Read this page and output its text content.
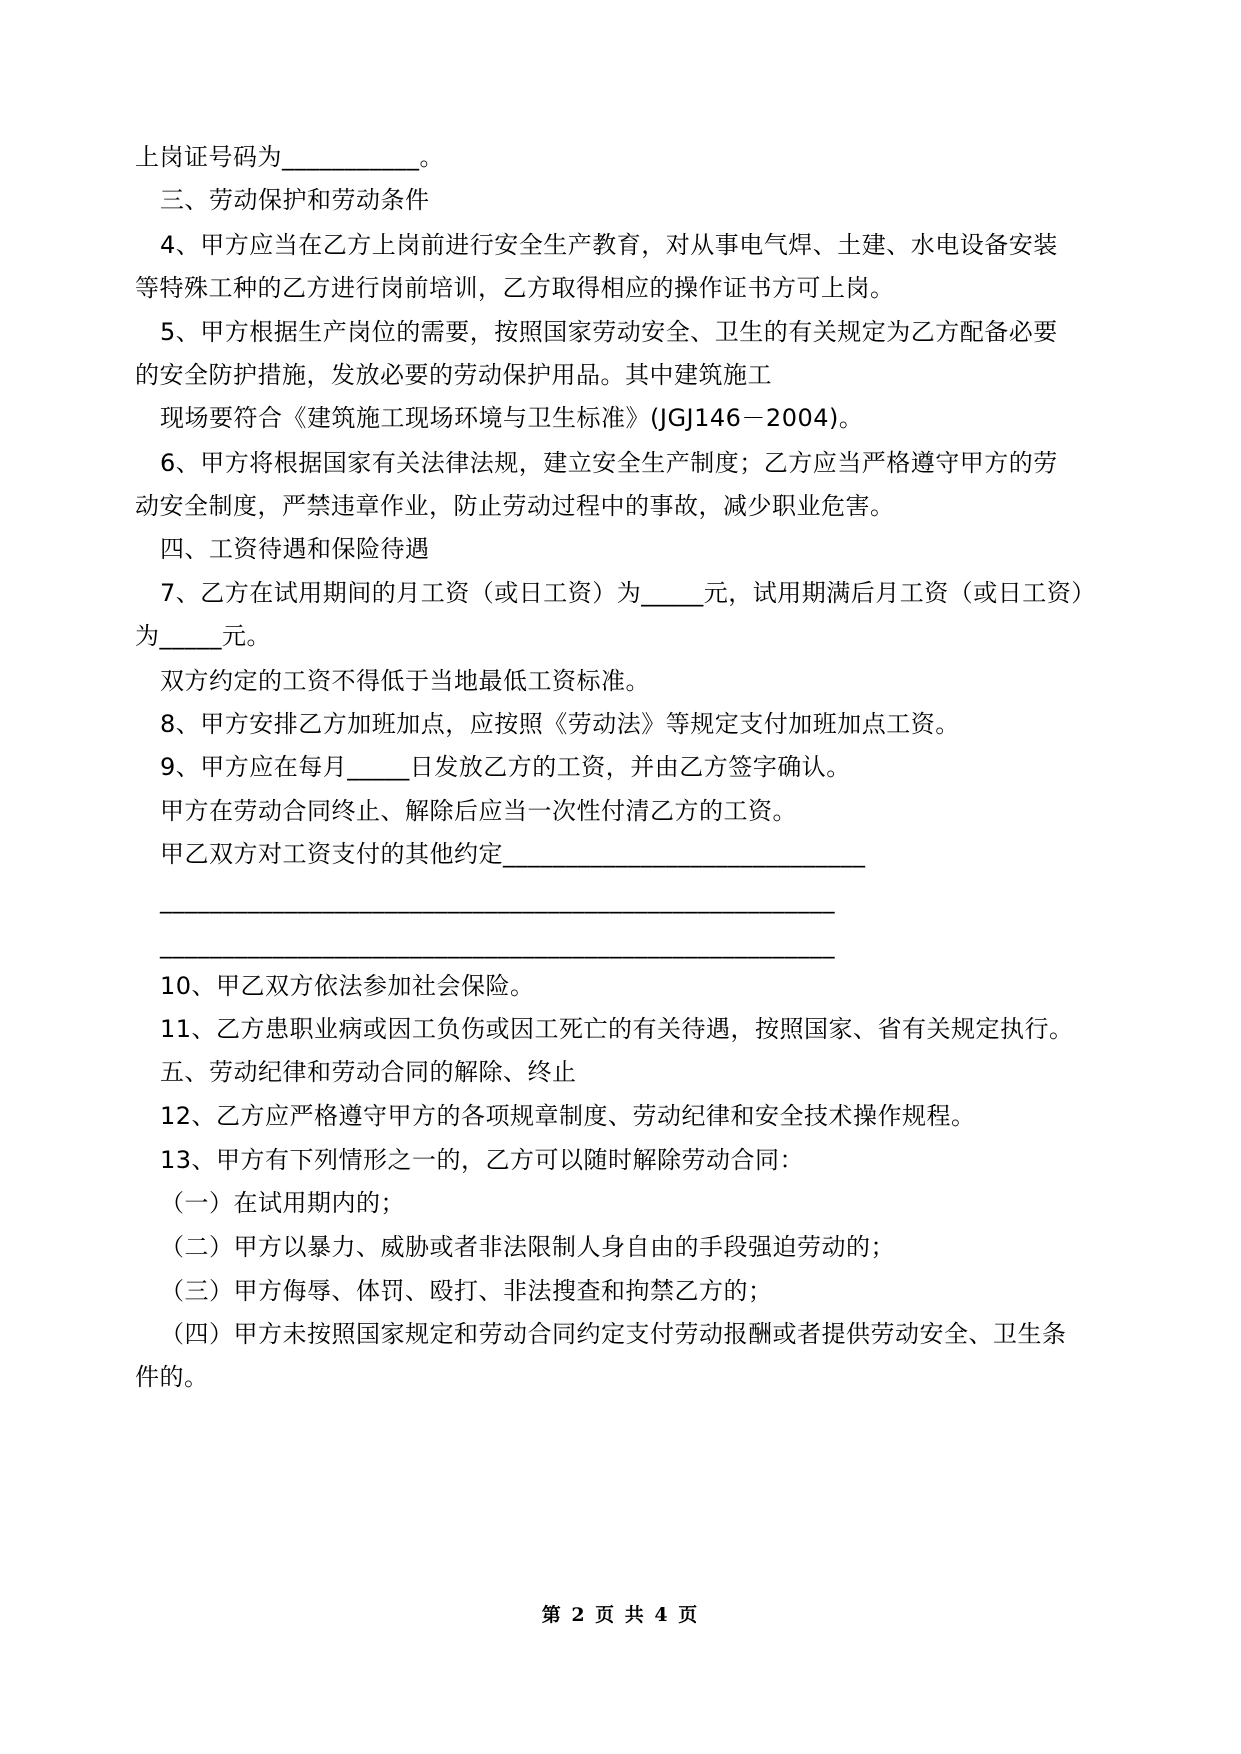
上岗证号码为___________。
三、劳动保护和劳动条件
4、甲方应当在乙方上岗前进行安全生产教育，对从事电气焊、土建、水电设备安装
等特殊工种的乙方进行岗前培训，乙方取得相应的操作证书方可上岗。
5、甲方根据生产岗位的需要，按照国家劳动安全、卫生的有关规定为乙方配备必要
的安全防护措施，发放必要的劳动保护用品。其中建筑施工
现场要符合《建筑施工现场环境与卫生标准》(JGJ146－2004)。
6、甲方将根据国家有关法律法规，建立安全生产制度；乙方应当严格遵守甲方的劳
动安全制度，严禁违章作业，防止劳动过程中的事故，减少职业危害。
四、工资待遇和保险待遇
7、乙方在试用期间的月工资（或日工资）为_____元，试用期满后月工资（或日工资）
为_____元。
双方约定的工资不得低于当地最低工资标准。
8、甲方安排乙方加班加点，应按照《劳动法》等规定支付加班加点工资。
9、甲方应在每月_____日发放乙方的工资，并由乙方签字确认。
甲方在劳动合同终止、解除后应当一次性付清乙方的工资。
甲乙双方对工资支付的其他约定_____________________________
______________________________________________________
______________________________________________________
10、甲乙双方依法参加社会保险。
11、乙方患职业病或因工负伤或因工死亡的有关待遇，按照国家、省有关规定执行。
五、劳动纪律和劳动合同的解除、终止
12、乙方应严格遵守甲方的各项规章制度、劳动纪律和安全技术操作规程。
13、甲方有下列情形之一的，乙方可以随时解除劳动合同：
（一）在试用期内的；
（二）甲方以暴力、威胁或者非法限制人身自由的手段强迫劳动的；
（三）甲方侮辱、体罚、殴打、非法搜查和拘禁乙方的；
（四）甲方未按照国家规定和劳动合同约定支付劳动报酬或者提供劳动安全、卫生条
件的。
第 2 页 共 4 页
